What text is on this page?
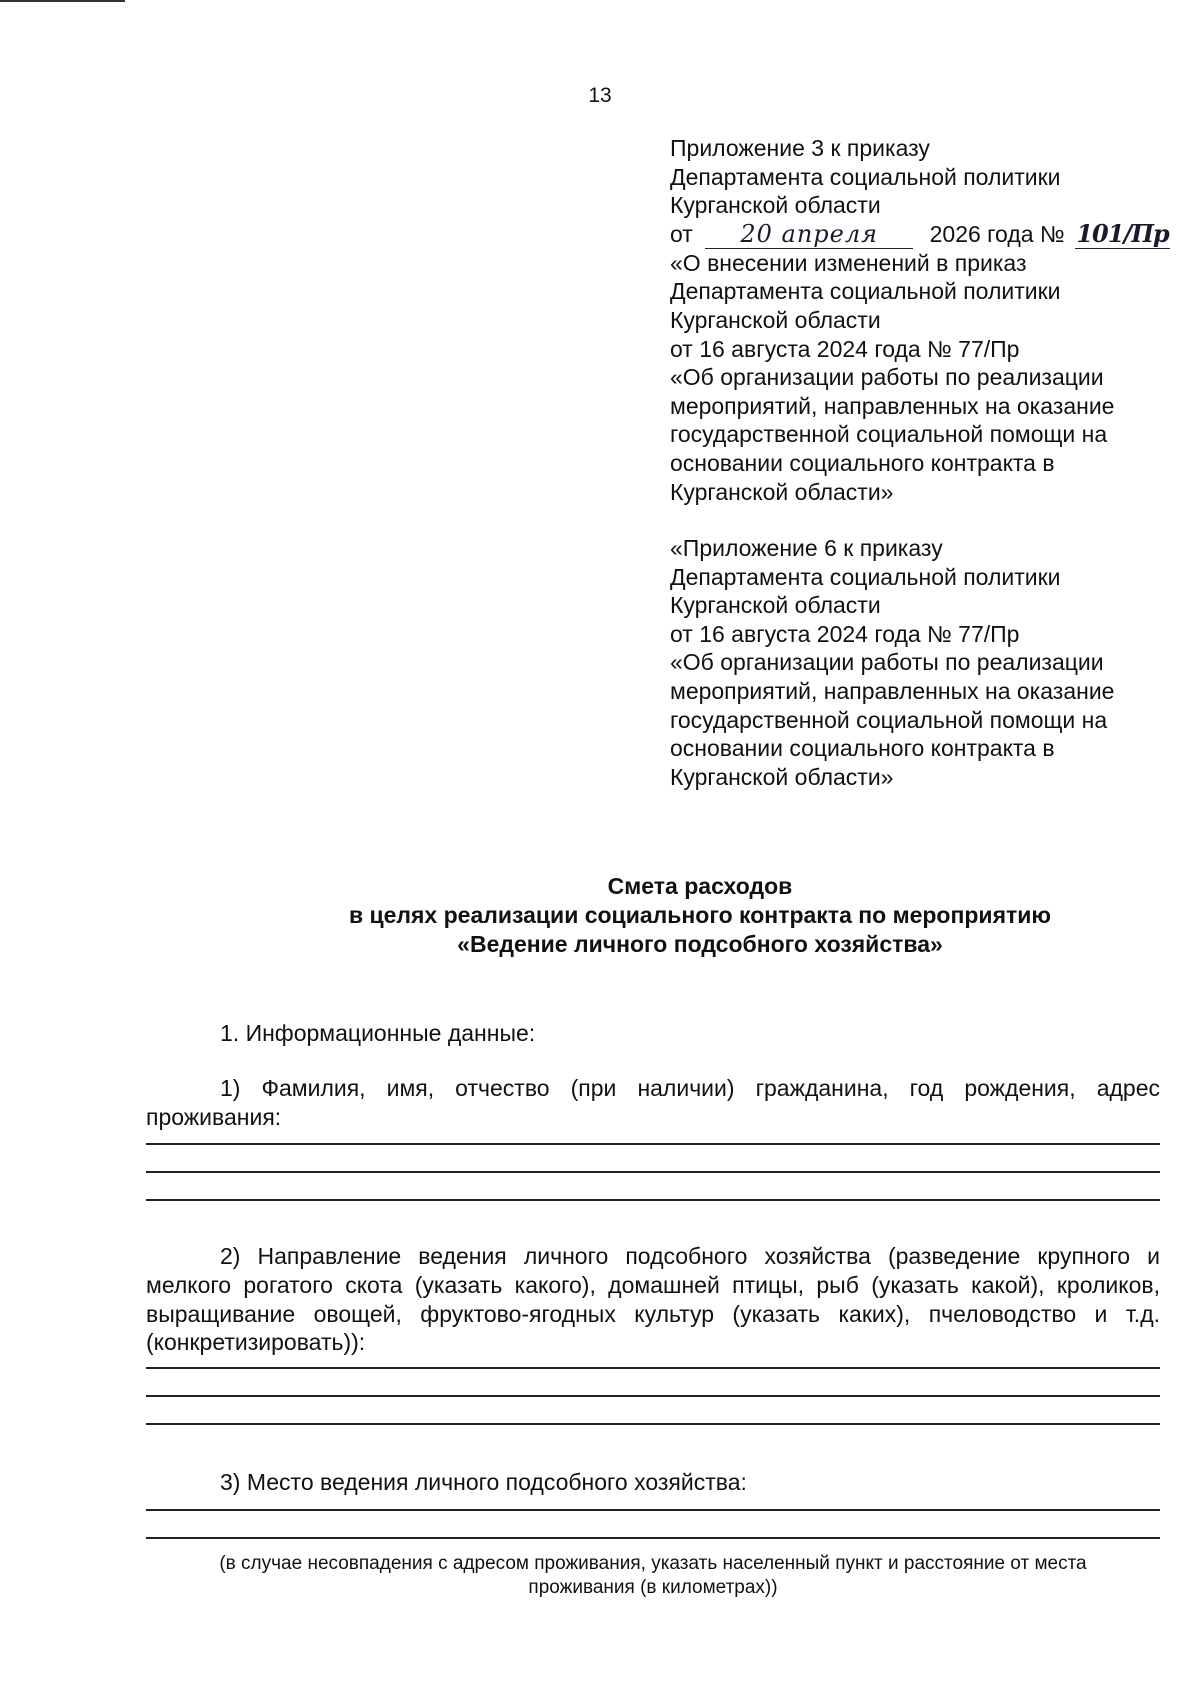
13
Приложение 3 к приказу
Департамента социальной политики
Курганской области
от 20 апреля 2026 года № 101/Пр
«О внесении изменений в приказ
Департамента социальной политики
Курганской области
от 16 августа 2024 года № 77/Пр
«Об организации работы по реализации
мероприятий, направленных на оказание
государственной социальной помощи на
основании социального контракта в
Курганской области»
«Приложение 6 к приказу
Департамента социальной политики
Курганской области
от 16 августа 2024 года № 77/Пр
«Об организации работы по реализации
мероприятий, направленных на оказание
государственной социальной помощи на
основании социального контракта в
Курганской области»
Смета расходов
в целях реализации социального контракта по мероприятию
«Ведение личного подсобного хозяйства»
1. Информационные данные:
1) Фамилия, имя, отчество (при наличии) гражданина, год рождения, адрес проживания:
2) Направление ведения личного подсобного хозяйства (разведение крупного и мелкого рогатого скота (указать какого), домашней птицы, рыб (указать какой), кроликов, выращивание овощей, фруктово-ягодных культур (указать каких), пчеловодство и т.д. (конкретизировать)):
3) Место ведения личного подсобного хозяйства:
(в случае несовпадения с адресом проживания, указать населенный пункт и расстояние от места
проживания (в километрах))
